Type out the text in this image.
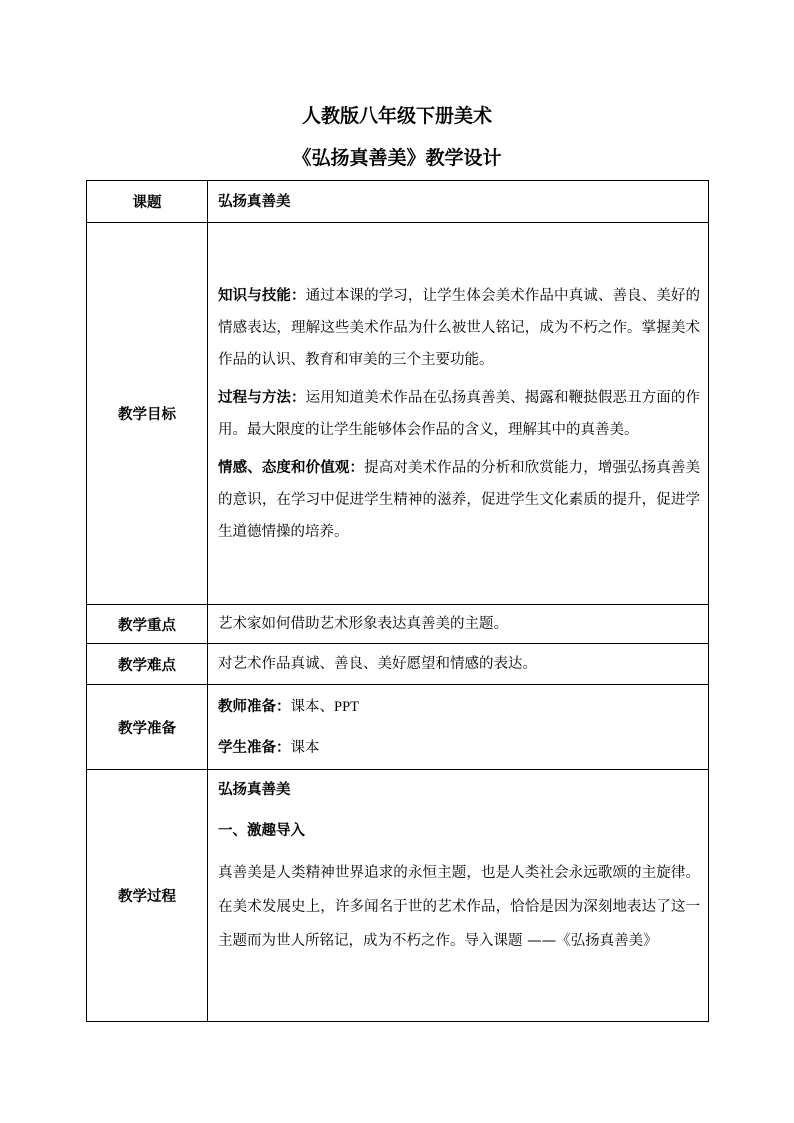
人教版八年级下册美术
《弘扬真善美》教学设计
课题	弘扬真善美

教学目标	知识与技能：通过本课的学习，让学生体会美术作品中真诚、善良、美好的情感表达，理解这些美术作品为什么被世人铭记，成为不朽之作。掌握美术作品的认识、教育和审美的三个主要功能。

过程与方法：运用知道美术作品在弘扬真善美、揭露和鞭挞假恶丑方面的作用。最大限度的让学生能够体会作品的含义，理解其中的真善美。

情感、态度和价值观：提高对美术作品的分析和欣赏能力，增强弘扬真善美的意识，在学习中促进学生精神的滋养，促进学生文化素质的提升，促进学生道德情操的培养。

教学重点	艺术家如何借助艺术形象表达真善美的主题。
教学难点	对艺术作品真诚、善良、美好愿望和情感的表达。
教学准备	教师准备：课本、PPT

学生准备：课本

教学过程	弘扬真善美

一、激趣导入

真善美是人类精神世界追求的永恒主题，也是人类社会永远歌颂的主旋律。在美术发展史上，许多闻名于世的艺术作品，恰恰是因为深刻地表达了这一主题而为世人所铭记，成为不朽之作。导入课题 ——《弘扬真善美》
